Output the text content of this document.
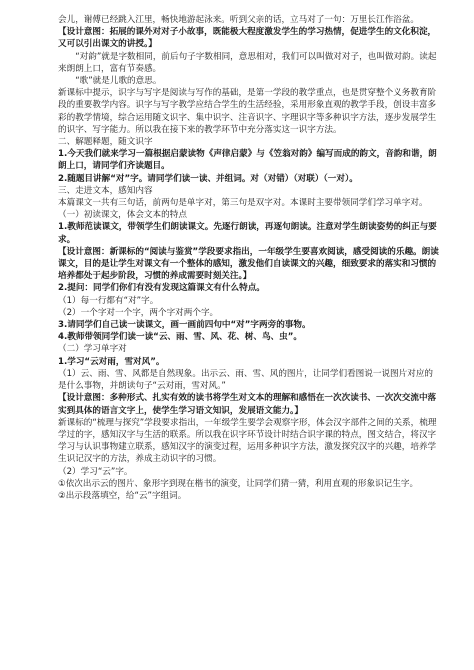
会儿，谢傅已经跳入江里，畅快地游起泳来。听到父亲的话，立马对了一句：万里长江作浴盆。

【设计意图：拓展的课外对对子小故事，既能极大程度激发学生的学习热情，促进学生的文化积淀，又可以引出课文的讲授。】

“对韵”就是字数相同，前后句子字数相同，意思相对，我们可以叫做对对子，也叫做对韵。读起来朗朗上口，富有节奏感。

“歌”就是儿歌的意思。

新课标中提示，识字与写字是阅读与写作的基础，是第一学段的教学重点，也是贯穿整个义务教育阶段的重要教学内容。识字与写字教学应结合学生的生活经验，采用形象直观的教学手段，创设丰富多彩的教学情境，综合运用随文识字、集中识字、注音识字、字理识字等多种识字方法，逐步发展学生的识字、写字能力。所以我在接下来的教学环节中充分落实这一识字方法。

二、解题释题，随文识字

1.今天我们就来学习一篇根据启蒙读物《声律启蒙》与《笠翁对韵》编写而成的韵文，音韵和谐，朗朗上口，请同学们齐读题目。

2.随题目讲解“对”字。请同学们读一读、并组词。对（对错）（对联）（一对）。

三、走进文本，感知内容

本篇课文一共有三句话，前两句是单字对，第三句是双字对。本课时主要带领同学们学习单字对。

（一）初读课文，体会文本的特点

1.教师范读课文，带领学生们朗读课文。先逐行朗读，再逐句朗读。注意对学生朗读姿势的纠正与要求。

【设计意图：新课标的“阅读与鉴赏”学段要求指出，一年级学生要喜欢阅读，感受阅读的乐趣。朗读课文，目的是让学生对课文有一个整体的感知，激发他们自读课文的兴趣，细致要求的落实和习惯的培养都处于起步阶段，习惯的养成需要时刻关注。】

2.提问：同学们你们有没有发现这篇课文有什么特点。

（1）每一行都有“对”字。

（2）一个字对一个字，两个字对两个字。

3.请同学们自己读一读课文，画一画前四句中“对”字两旁的事物。

4.教师带领同学们读一读“云、雨、雪、风、花、树、鸟、虫”。

（二）学习单字对

1.学习“云对雨，雪对风”。

（1）云、雨、雪、风都是自然现象。出示云、雨、雪、风的图片，让同学们看图说一说图片对应的是什么事物，并朗读句子“云对雨，雪对风。”

【设计意图：多种形式、扎实有效的读书将学生对文本的理解和感悟在一次次读书、一次次交流中落实到具体的语言文字上，使学生学习语文知识，发展语文能力。】

新课标的“梳理与探究”学段要求指出，一年级学生要学会观察字形，体会汉字部件之间的关系，梳理学过的字，感知汉字与生活的联系。所以我在识字环节设计时结合识字课的特点，图文结合，将汉字学习与认识事物建立联系，感知汉字的演变过程，运用多种识字方法，激发探究汉字的兴趣，培养学生识记汉字的方法，养成主动识字的习惯。

（2）学习“云”字。

①依次出示云的图片、象形字到现在楷书的演变，让同学们猜一猜，利用直观的形象识记生字。

②出示段落填空，给“云”字组词。
